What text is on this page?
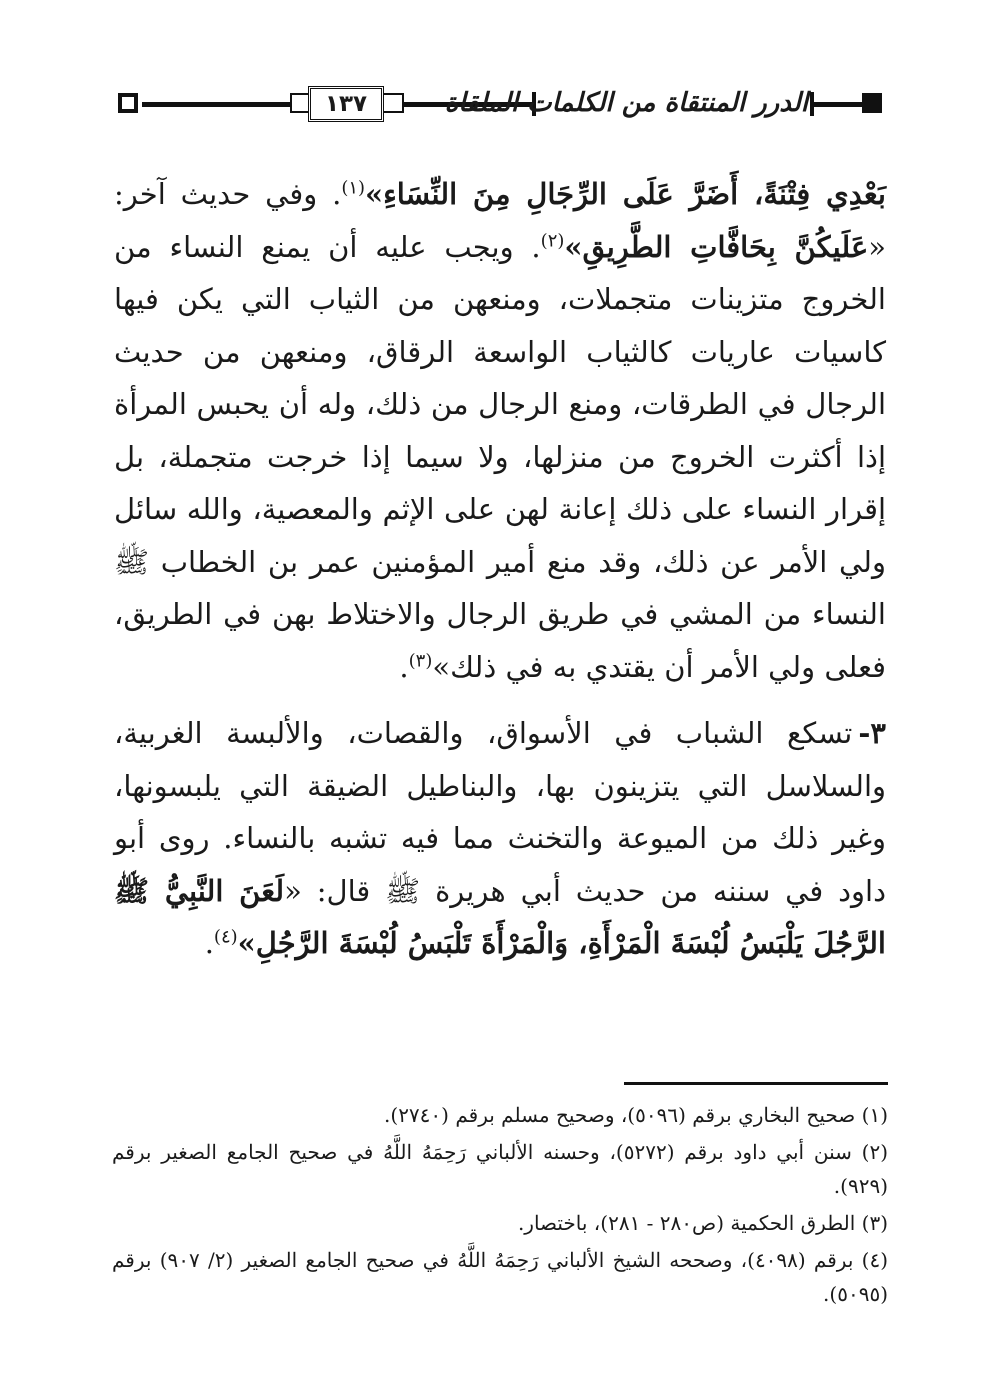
١٣٧	الدرر المنتقاة من الكلمات الملقاة

بَعْدِي فِتْنَةً، أَضَرَّ عَلَى الرِّجَالِ مِنَ النِّسَاءِ»$^{(١)}$. وفي حديث آخر: «عَلَيكُنَّ بِحَافَّاتِ الطَّرِيقِ»$^{(٢)}$. ويجب عليه أن يمنع النساء من الخروج متزينات متجملات، ومنعهن من الثياب التي يكن فيها كاسيات عاريات كالثياب الواسعة الرقاق، ومنعهن من حديث الرجال في الطرقات، ومنع الرجال من ذلك، وله أن يحبس المرأة إذا أكثرت الخروج من منزلها، ولا سيما إذا خرجت متجملة، بل إقرار النساء على ذلك إعانة لهن على الإثم والمعصية، والله سائل ولي الأمر عن ذلك، وقد منع أمير المؤمنين عمر بن الخطاب ﷺ النساء من المشي في طريق الرجال والاختلاط بهن في الطريق، فعلى ولي الأمر أن يقتدي به في ذلك»$^{(٣)}$.

٣-تسكع الشباب في الأسواق، والقصات، والألبسة الغربية، والسلاسل التي يتزينون بها، والبناطيل الضيقة التي يلبسونها، وغير ذلك من الميوعة والتخنث مما فيه تشبه بالنساء. روى أبو داود في سننه من حديث أبي هريرة ﷺ قال: «لَعَنَ النَّبِيُّ ﷺ الرَّجُلَ يَلْبَسُ لُبْسَةَ الْمَرْأَةِ، وَالْمَرْأَةَ تَلْبَسُ لُبْسَةَ الرَّجُلِ»$^{(٤)}$.

(١) صحيح البخاري برقم (٥٠٩٦)، وصحيح مسلم برقم (٢٧٤٠).

(٢) سنن أبي داود برقم (٥٢٧٢)، وحسنه الألباني رَحِمَهُ اللَّهُ في صحيح الجامع الصغير برقم (٩٢٩).

(٣) الطرق الحكمية (ص٢٨٠ - ٢٨١)، باختصار.

(٤) برقم (٤٠٩٨)، وصححه الشيخ الألباني رَحِمَهُ اللَّهُ في صحيح الجامع الصغير (٢/ ٩٠٧) برقم (٥٠٩٥).
